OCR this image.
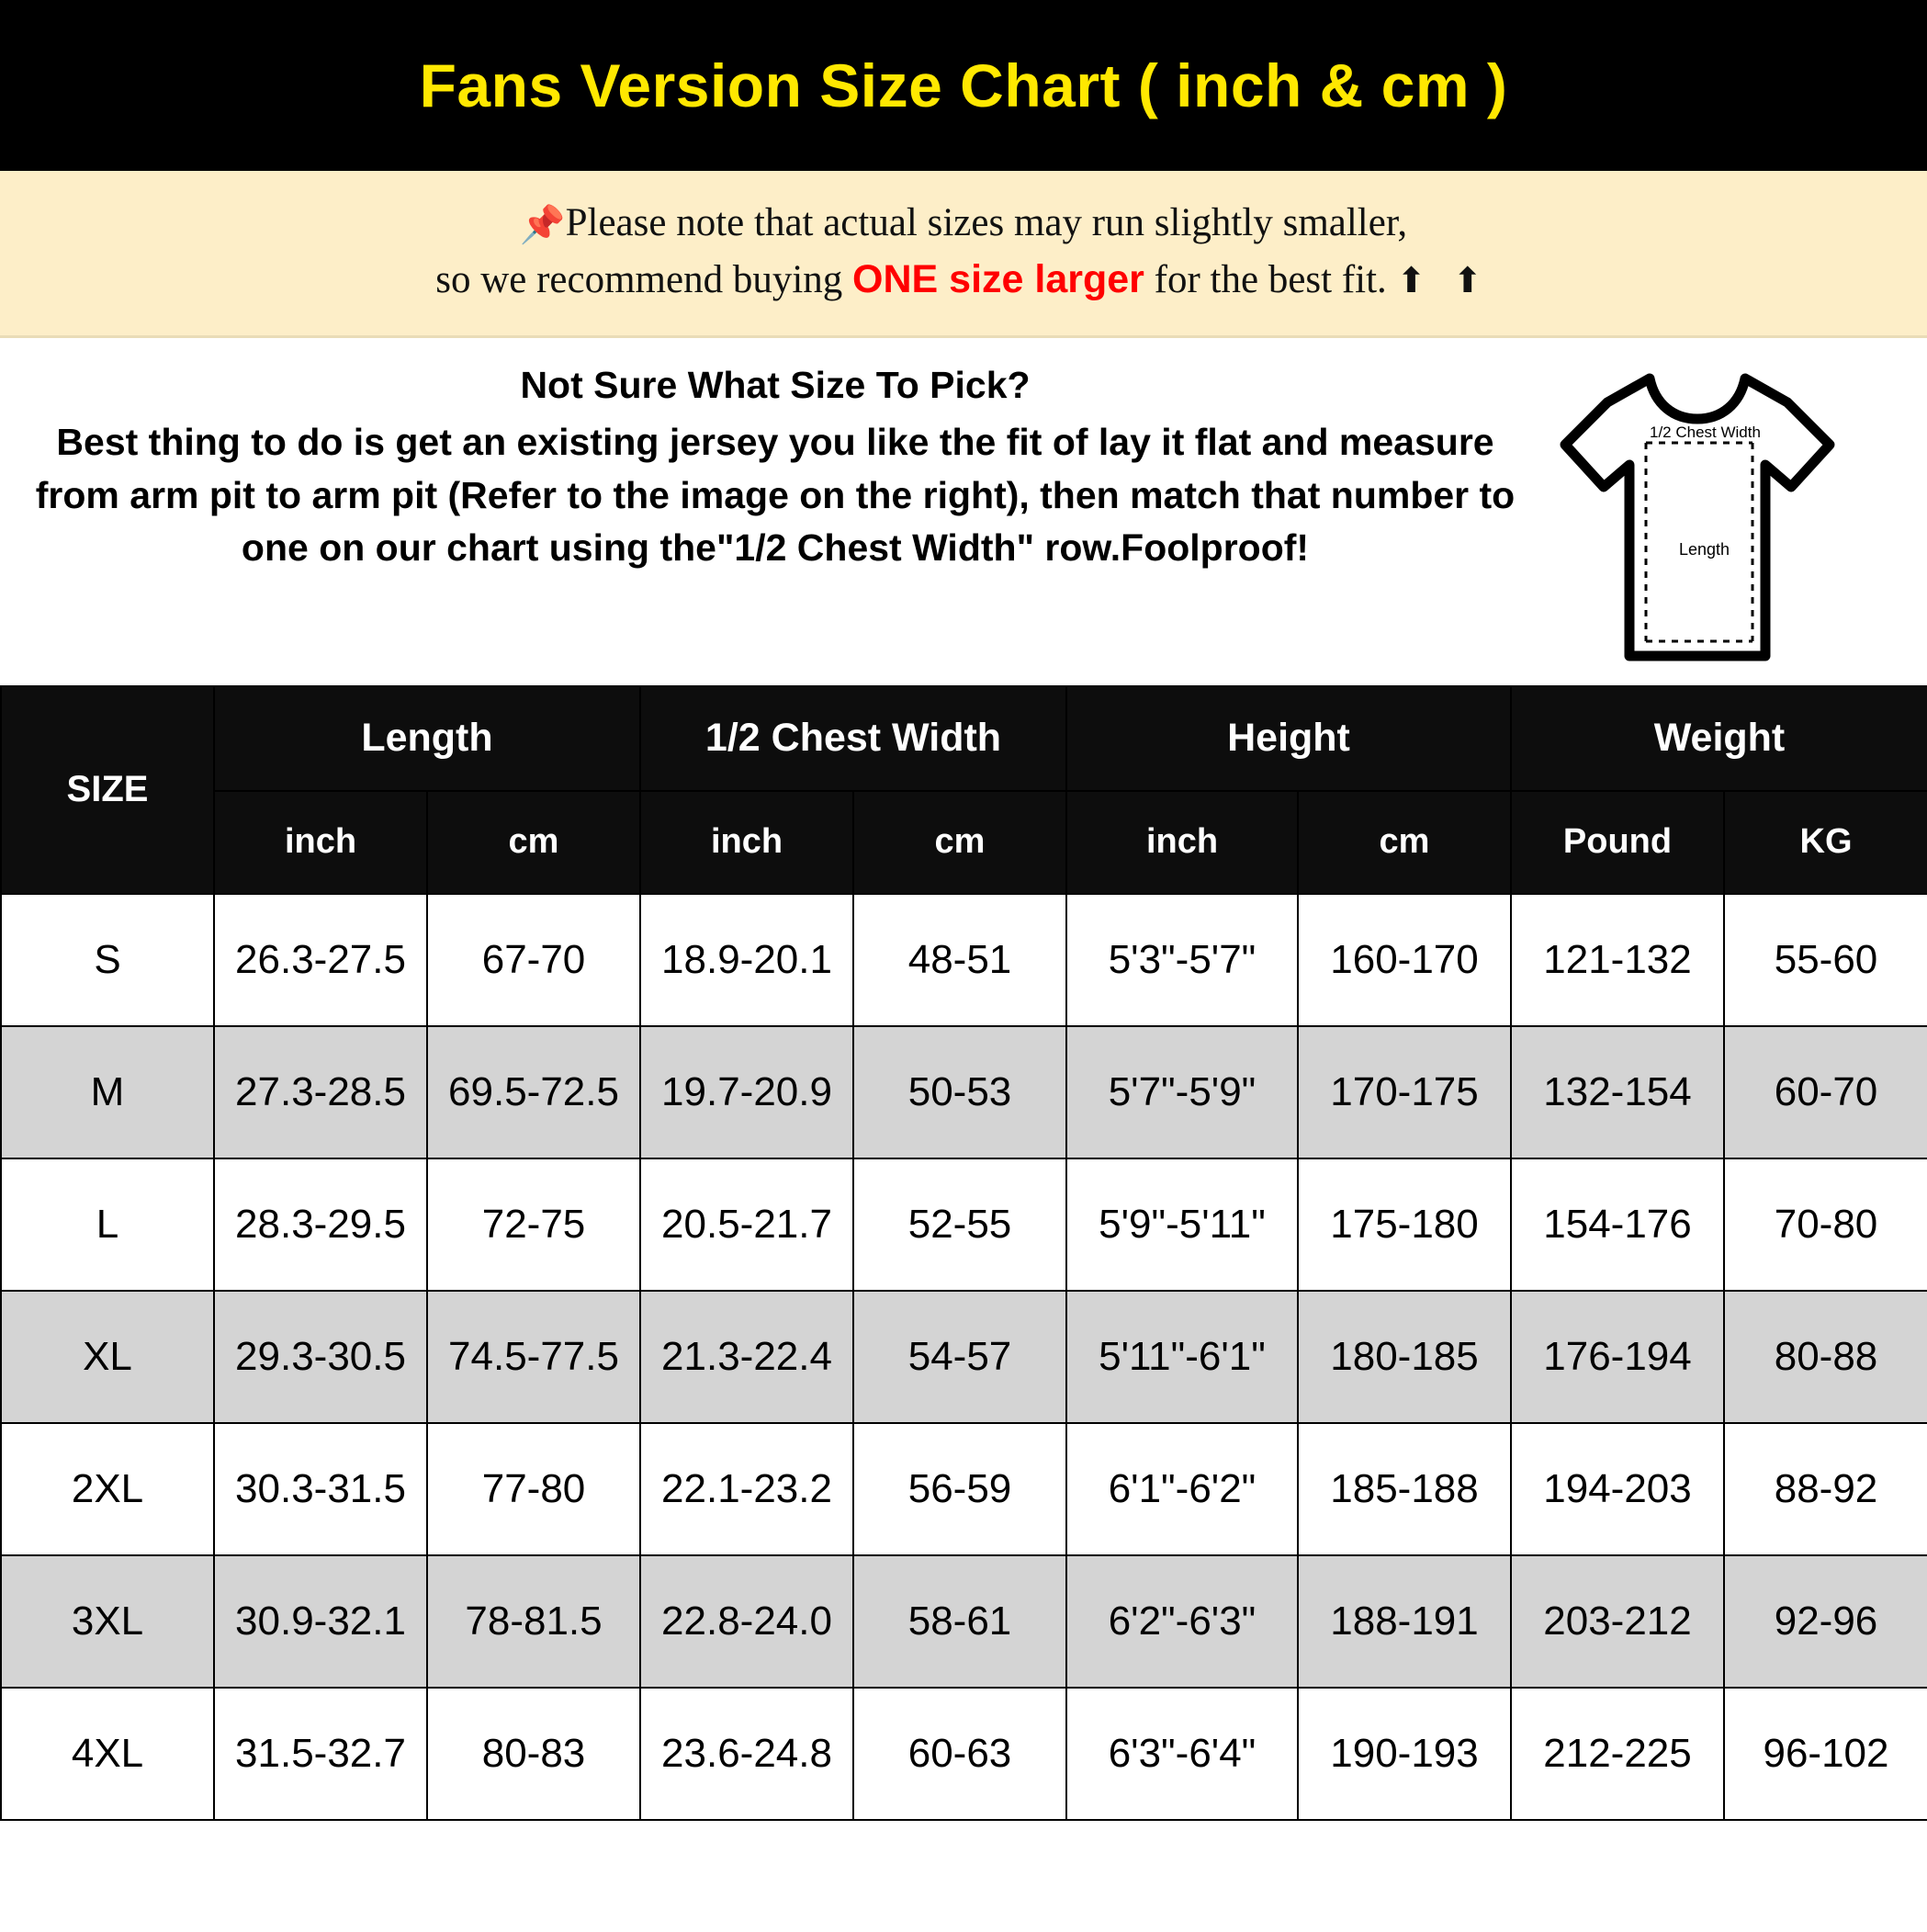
Fans Version Size Chart ( inch & cm )
📌Please note that actual sizes may run slightly smaller,
so we recommend buying ONE size larger for the best fit. ⬆ ⬆
Not Sure What Size To Pick?
Best thing to do is get an existing jersey you like the fit of lay it flat and measure from arm pit to arm pit (Refer to the image on the right), then match that number to one on our chart using the"1/2 Chest Width" row.Foolproof!
1/2 Chest Width
Length
SIZE	Length		1/2 Chest Width		Height		Weight	
	inch	cm	inch	cm	inch	cm	Pound	KG
S	26.3-27.5	67-70	18.9-20.1	48-51	5'3"-5'7"	160-170	121-132	55-60
M	27.3-28.5	69.5-72.5	19.7-20.9	50-53	5'7"-5'9"	170-175	132-154	60-70
L	28.3-29.5	72-75	20.5-21.7	52-55	5'9"-5'11"	175-180	154-176	70-80
XL	29.3-30.5	74.5-77.5	21.3-22.4	54-57	5'11"-6'1"	180-185	176-194	80-88
2XL	30.3-31.5	77-80	22.1-23.2	56-59	6'1"-6'2"	185-188	194-203	88-92
3XL	30.9-32.1	78-81.5	22.8-24.0	58-61	6'2"-6'3"	188-191	203-212	92-96
4XL	31.5-32.7	80-83	23.6-24.8	60-63	6'3"-6'4"	190-193	212-225	96-102
